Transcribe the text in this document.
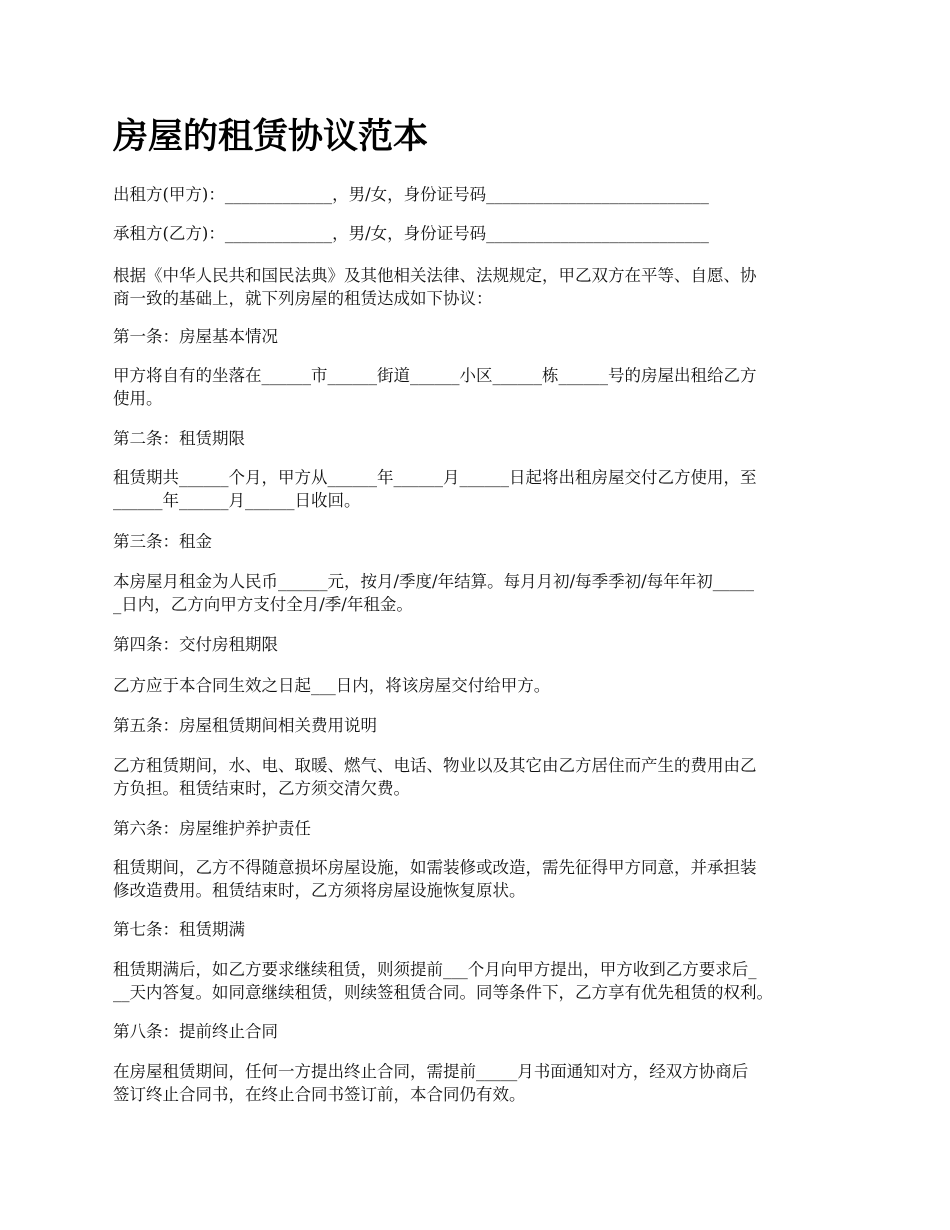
房屋的租赁协议范本

出租方(甲方)：_____________，男/女，身份证号码___________________________

承租方(乙方)：_____________，男/女，身份证号码___________________________

根据《中华人民共和国民法典》及其他相关法律、法规规定，甲乙双方在平等、自愿、协
商一致的基础上，就下列房屋的租赁达成如下协议：

第一条：房屋基本情况

甲方将自有的坐落在______市______街道______小区______栋______号的房屋出租给乙方
使用。

第二条：租赁期限

租赁期共______个月，甲方从______年______月______日起将出租房屋交付乙方使用，至
______年______月______日收回。

第三条：租金

本房屋月租金为人民币______元，按月/季度/年结算。每月月初/每季季初/每年年初_____
_日内，乙方向甲方支付全月/季/年租金。

第四条：交付房租期限

乙方应于本合同生效之日起___日内，将该房屋交付给甲方。

第五条：房屋租赁期间相关费用说明

乙方租赁期间，水、电、取暖、燃气、电话、物业以及其它由乙方居住而产生的费用由乙
方负担。租赁结束时，乙方须交清欠费。

第六条：房屋维护养护责任

租赁期间，乙方不得随意损坏房屋设施，如需装修或改造，需先征得甲方同意，并承担装
修改造费用。租赁结束时，乙方须将房屋设施恢复原状。

第七条：租赁期满

租赁期满后，如乙方要求继续租赁，则须提前___个月向甲方提出，甲方收到乙方要求后_
__天内答复。如同意继续租赁，则续签租赁合同。同等条件下，乙方享有优先租赁的权利。

第八条：提前终止合同

在房屋租赁期间，任何一方提出终止合同，需提前_____月书面通知对方，经双方协商后
签订终止合同书，在终止合同书签订前，本合同仍有效。
